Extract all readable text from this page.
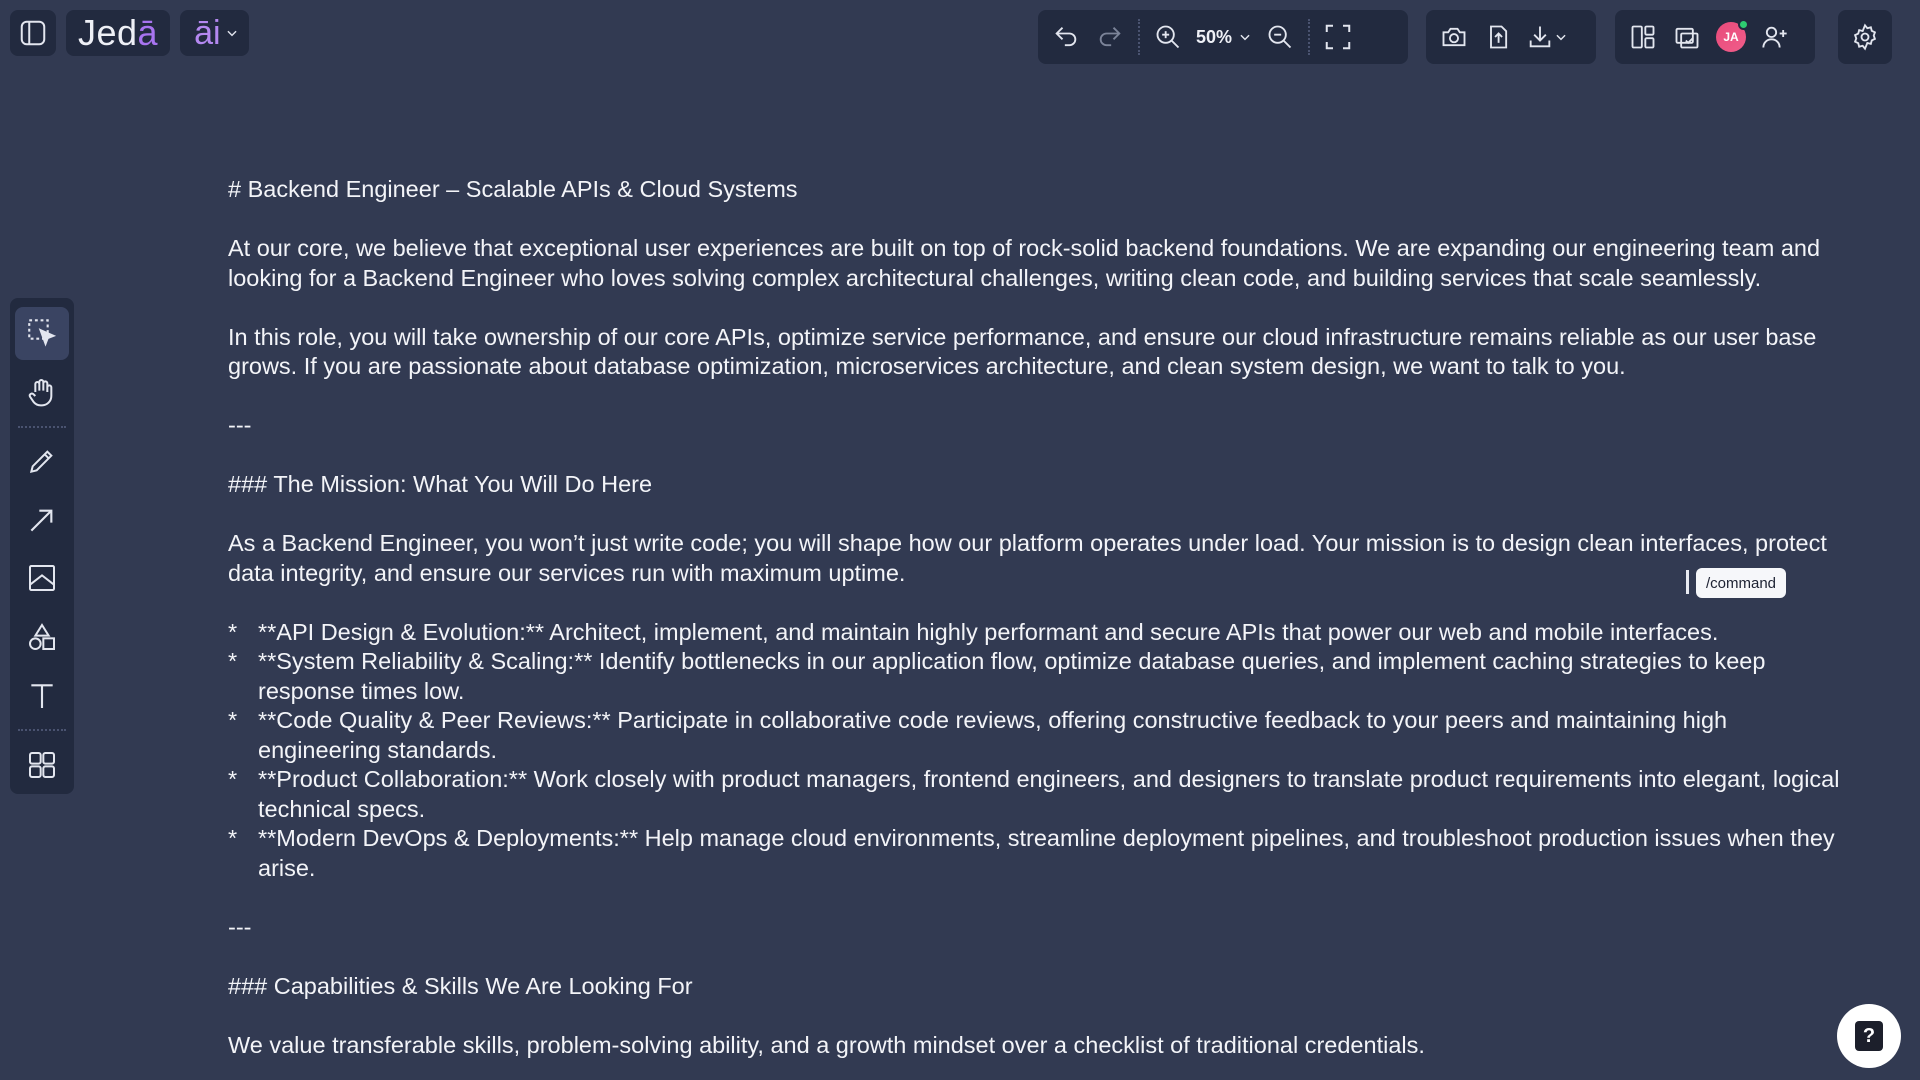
Jedā āi	50%	JA

# Backend Engineer – Scalable APIs & Cloud Systems

At our core, we believe that exceptional user experiences are built on top of rock-solid backend foundations. We are expanding our engineering team and looking for a Backend Engineer who loves solving complex architectural challenges, writing clean code, and building services that scale seamlessly.

In this role, you will take ownership of our core APIs, optimize service performance, and ensure our cloud infrastructure remains reliable as our user base grows. If you are passionate about database optimization, microservices architecture, and clean system design, we want to talk to you.

---

### The Mission: What You Will Do Here

As a Backend Engineer, you won’t just write code; you will shape how our platform operates under load. Your mission is to design clean interfaces, protect data integrity, and ensure our services run with maximum uptime.

* **API Design & Evolution:** Architect, implement, and maintain highly performant and secure APIs that power our web and mobile interfaces.
* **System Reliability & Scaling:** Identify bottlenecks in our application flow, optimize database queries, and implement caching strategies to keep response times low.
* **Code Quality & Peer Reviews:** Participate in collaborative code reviews, offering constructive feedback to your peers and maintaining high engineering standards.
* **Product Collaboration:** Work closely with product managers, frontend engineers, and designers to translate product requirements into elegant, logical technical specs.
* **Modern DevOps & Deployments:** Help manage cloud environments, streamline deployment pipelines, and troubleshoot production issues when they arise.

---

### Capabilities & Skills We Are Looking For

We value transferable skills, problem-solving ability, and a growth mindset over a checklist of traditional credentials.

/command
?
